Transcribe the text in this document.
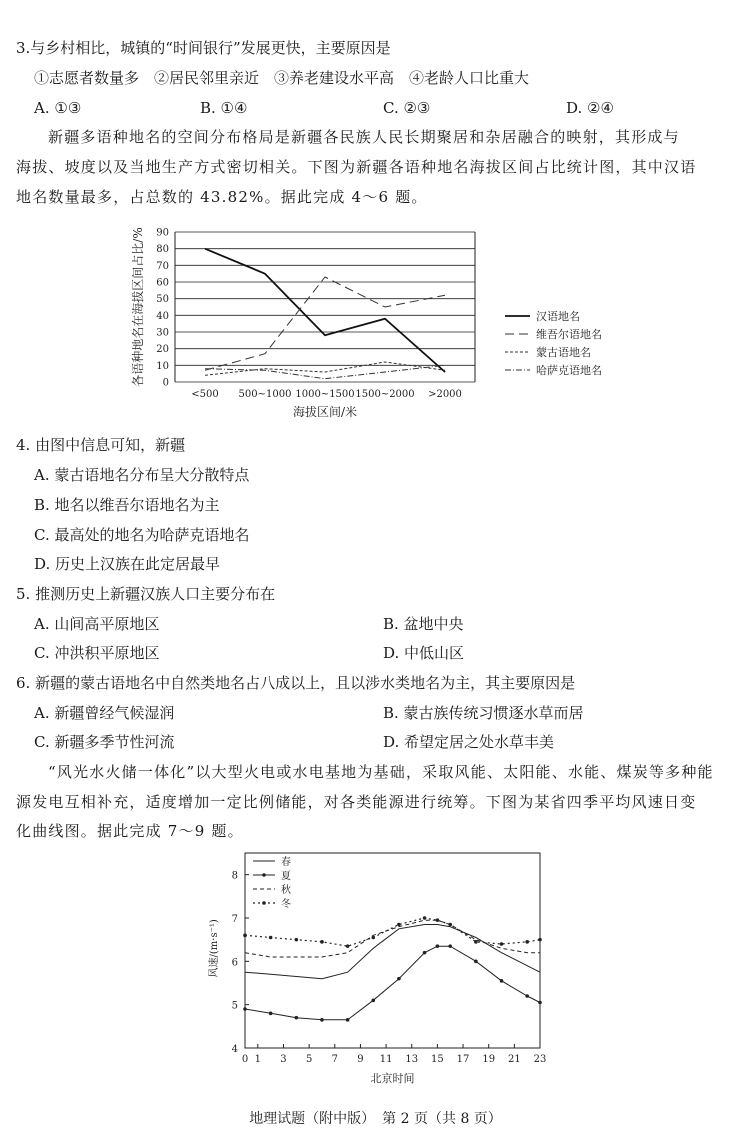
3.与乡村相比，城镇的“时间银行”发展更快，主要原因是
①志愿者数量多　②居民邻里亲近　③养老建设水平高　④老龄人口比重大
A. ①③	B. ①④	C. ②③	D. ②④
新疆多语种地名的空间分布格局是新疆各民族人民长期聚居和杂居融合的映射，其形成与
海拔、坡度以及当地生产方式密切相关。下图为新疆各语种地名海拔区间占比统计图，其中汉语
地名数量最多，占总数的 43.82%。据此完成 4～6 题。
0
10
20
30
40
50
60
70
80
90
<500 500~1000 1000~1500 1500~2000 >2000
海拔区间/米
各语种地名在海拔区间占比/%	汉语地名
维吾尔语地名
蒙古语地名
哈萨克语地名
4. 由图中信息可知，新疆
A. 蒙古语地名分布呈大分散特点
B. 地名以维吾尔语地名为主
C. 最高处的地名为哈萨克语地名
D. 历史上汉族在此定居最早
5. 推测历史上新疆汉族人口主要分布在
A. 山间高平原地区	B. 盆地中央
C. 冲洪积平原地区	D. 中低山区
6. 新疆的蒙古语地名中自然类地名占八成以上，且以涉水类地名为主，其主要原因是
A. 新疆曾经气候湿润	B. 蒙古族传统习惯逐水草而居
C. 新疆多季节性河流	D. 希望定居之处水草丰美
“风光水火储一体化”以大型火电或水电基地为基础，采取风能、太阳能、水能、煤炭等多种能
源发电互相补充，适度增加一定比例储能，对各类能源进行统筹。下图为某省四季平均风速日变
化曲线图。据此完成 7～9 题。
4
5
6
7
8
0 1 3 5 7 9 11 13 15 17 19 21 23
北京时间
风速/(m·s⁻¹)
春
夏
秋
冬
地理试题（附中版）　第 2 页（共 8 页）
